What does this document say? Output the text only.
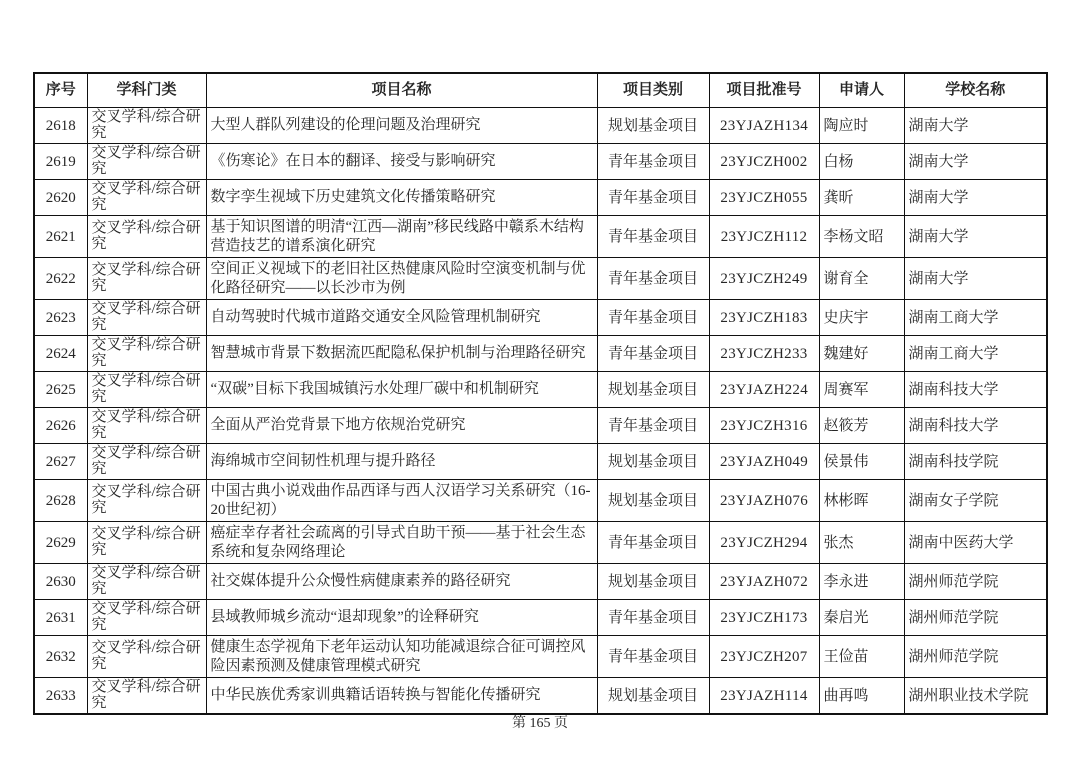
序号	学科门类	项目名称	项目类别	项目批准号	申请人	学校名称
2618	交叉学科/综合研究	大型人群队列建设的伦理问题及治理研究	规划基金项目	23YJAZH134	陶应时	湖南大学
2619	交叉学科/综合研究	《伤寒论》在日本的翻译、接受与影响研究	青年基金项目	23YJCZH002	白杨	湖南大学
2620	交叉学科/综合研究	数字孪生视域下历史建筑文化传播策略研究	青年基金项目	23YJCZH055	龚昕	湖南大学
2621	交叉学科/综合研究	基于知识图谱的明清“江西—湖南”移民线路中赣系木结构营造技艺的谱系演化研究	青年基金项目	23YJCZH112	李杨文昭	湖南大学
2622	交叉学科/综合研究	空间正义视域下的老旧社区热健康风险时空演变机制与优化路径研究——以长沙市为例	青年基金项目	23YJCZH249	谢育全	湖南大学
2623	交叉学科/综合研究	自动驾驶时代城市道路交通安全风险管理机制研究	青年基金项目	23YJCZH183	史庆宇	湖南工商大学
2624	交叉学科/综合研究	智慧城市背景下数据流匹配隐私保护机制与治理路径研究	青年基金项目	23YJCZH233	魏建好	湖南工商大学
2625	交叉学科/综合研究	“双碳”目标下我国城镇污水处理厂碳中和机制研究	规划基金项目	23YJAZH224	周赛军	湖南科技大学
2626	交叉学科/综合研究	全面从严治党背景下地方依规治党研究	青年基金项目	23YJCZH316	赵筱芳	湖南科技大学
2627	交叉学科/综合研究	海绵城市空间韧性机理与提升路径	规划基金项目	23YJAZH049	侯景伟	湖南科技学院
2628	交叉学科/综合研究	中国古典小说戏曲作品西译与西人汉语学习关系研究（16-20世纪初）	规划基金项目	23YJAZH076	林彬晖	湖南女子学院
2629	交叉学科/综合研究	癌症幸存者社会疏离的引导式自助干预——基于社会生态系统和复杂网络理论	青年基金项目	23YJCZH294	张杰	湖南中医药大学
2630	交叉学科/综合研究	社交媒体提升公众慢性病健康素养的路径研究	规划基金项目	23YJAZH072	李永进	湖州师范学院
2631	交叉学科/综合研究	县域教师城乡流动“退却现象”的诠释研究	青年基金项目	23YJCZH173	秦启光	湖州师范学院
2632	交叉学科/综合研究	健康生态学视角下老年运动认知功能减退综合征可调控风险因素预测及健康管理模式研究	青年基金项目	23YJCZH207	王俭苗	湖州师范学院
2633	交叉学科/综合研究	中华民族优秀家训典籍话语转换与智能化传播研究	规划基金项目	23YJAZH114	曲再鸣	湖州职业技术学院
第 165 页
